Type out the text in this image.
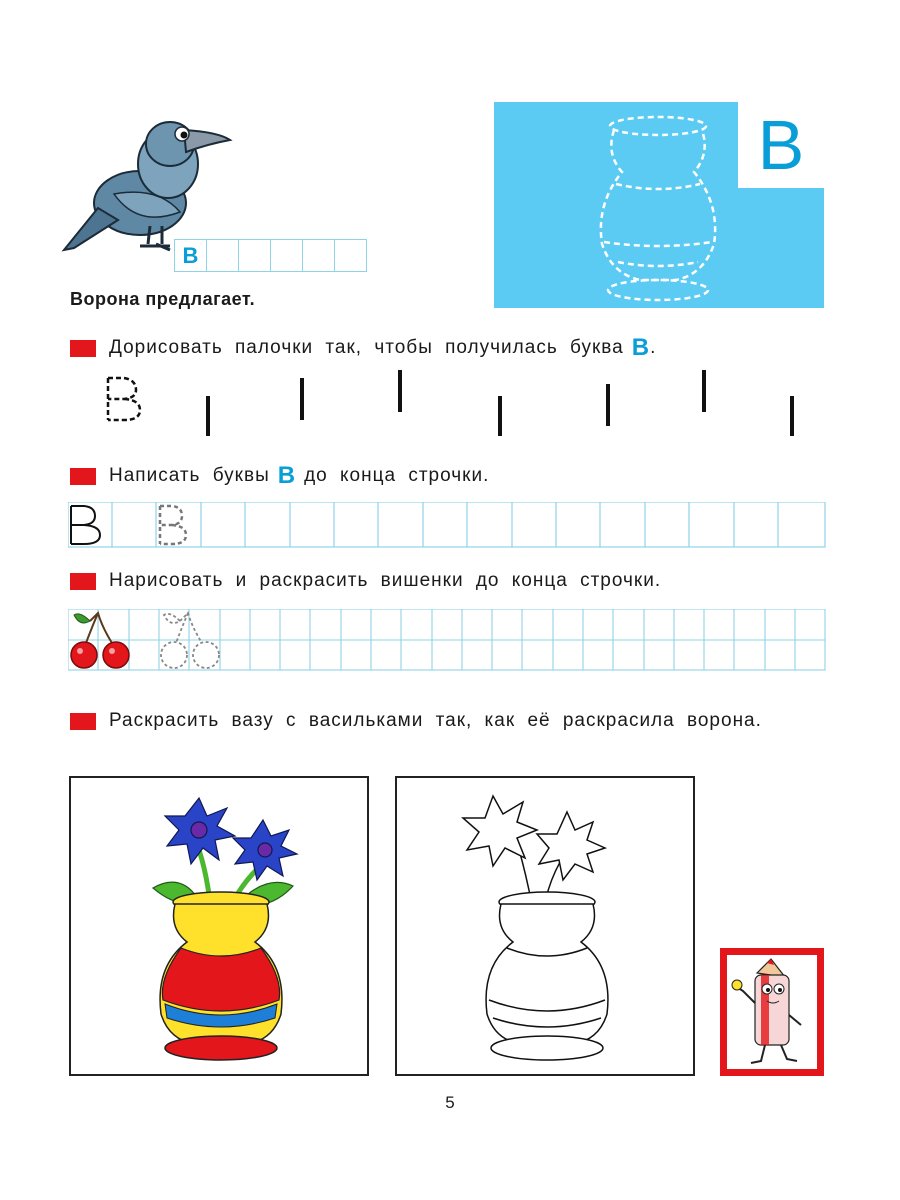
В
В
Ворона предлагает.
Дорисовать палочки так, чтобы получилась буква В .
Написать буквы В до конца строчки.
Нарисовать и раскрасить вишенки до конца строчки.
Раскрасить вазу с васильками так, как её раскрасила ворона.
5
